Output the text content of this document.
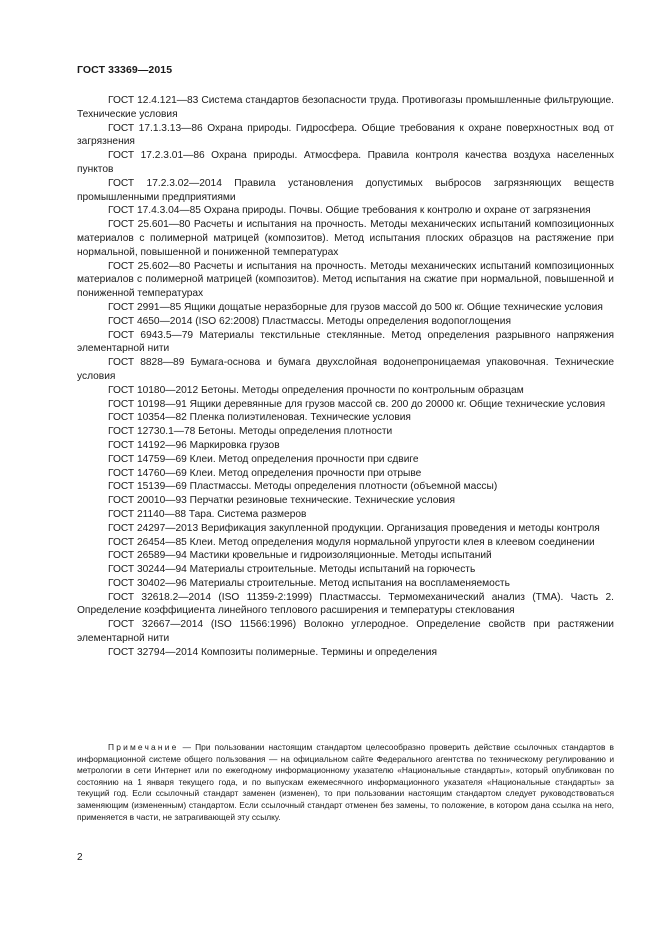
ГОСТ 33369—2015

ГОСТ 12.4.121—83 Система стандартов безопасности труда. Противогазы промышленные фильтрующие. Технические условия

ГОСТ 17.1.3.13—86 Охрана природы. Гидросфера. Общие требования к охране поверхностных вод от загрязнения

ГОСТ 17.2.3.01—86 Охрана природы. Атмосфера. Правила контроля качества воздуха населенных пунктов

ГОСТ 17.2.3.02—2014 Правила установления допустимых выбросов загрязняющих веществ промышленными предприятиями

ГОСТ 17.4.3.04—85 Охрана природы. Почвы. Общие требования к контролю и охране от загрязнения

ГОСТ 25.601—80 Расчеты и испытания на прочность. Методы механических испытаний композиционных материалов с полимерной матрицей (композитов). Метод испытания плоских образцов на растяжение при нормальной, повышенной и пониженной температурах

ГОСТ 25.602—80 Расчеты и испытания на прочность. Методы механических испытаний композиционных материалов с полимерной матрицей (композитов). Метод испытания на сжатие при нормальной, повышенной и пониженной температурах

ГОСТ 2991—85 Ящики дощатые неразборные для грузов массой до 500 кг. Общие технические условия

ГОСТ 4650—2014 (ISO 62:2008) Пластмассы. Методы определения водопоглощения

ГОСТ 6943.5—79 Материалы текстильные стеклянные. Метод определения разрывного напряжения элементарной нити

ГОСТ 8828—89 Бумага-основа и бумага двухслойная водонепроницаемая упаковочная. Технические условия

ГОСТ 10180—2012 Бетоны. Методы определения прочности по контрольным образцам

ГОСТ 10198—91 Ящики деревянные для грузов массой св. 200 до 20000 кг. Общие технические условия

ГОСТ 10354—82 Пленка полиэтиленовая. Технические условия

ГОСТ 12730.1—78 Бетоны. Методы определения плотности

ГОСТ 14192—96 Маркировка грузов

ГОСТ 14759—69 Клеи. Метод определения прочности при сдвиге

ГОСТ 14760—69 Клеи. Метод определения прочности при отрыве

ГОСТ 15139—69 Пластмассы. Методы определения плотности (объемной массы)

ГОСТ 20010—93 Перчатки резиновые технические. Технические условия

ГОСТ 21140—88 Тара. Система размеров

ГОСТ 24297—2013 Верификация закупленной продукции. Организация проведения и методы контроля

ГОСТ 26454—85 Клеи. Метод определения модуля нормальной упругости клея в клеевом соединении

ГОСТ 26589—94 Мастики кровельные и гидроизоляционные. Методы испытаний

ГОСТ 30244—94 Материалы строительные. Методы испытаний на горючесть

ГОСТ 30402—96 Материалы строительные. Метод испытания на воспламеняемость

ГОСТ 32618.2—2014 (ISO 11359-2:1999) Пластмассы. Термомеханический анализ (ТМА). Часть 2. Определение коэффициента линейного теплового расширения и температуры стеклования

ГОСТ 32667—2014 (ISO 11566:1996) Волокно углеродное. Определение свойств при растяжении элементарной нити

ГОСТ 32794—2014 Композиты полимерные. Термины и определения

Примечание — При пользовании настоящим стандартом целесообразно проверить действие ссылочных стандартов в информационной системе общего пользования — на официальном сайте Федерального агентства по техническому регулированию и метрологии в сети Интернет или по ежегодному информационному указателю «Национальные стандарты», который опубликован по состоянию на 1 января текущего года, и по выпускам ежемесячного информационного указателя «Национальные стандарты» за текущий год. Если ссылочный стандарт заменен (изменен), то при пользовании настоящим стандартом следует руководствоваться заменяющим (измененным) стандартом. Если ссылочный стандарт отменен без замены, то положение, в котором дана ссылка на него, применяется в части, не затрагивающей эту ссылку.

2
